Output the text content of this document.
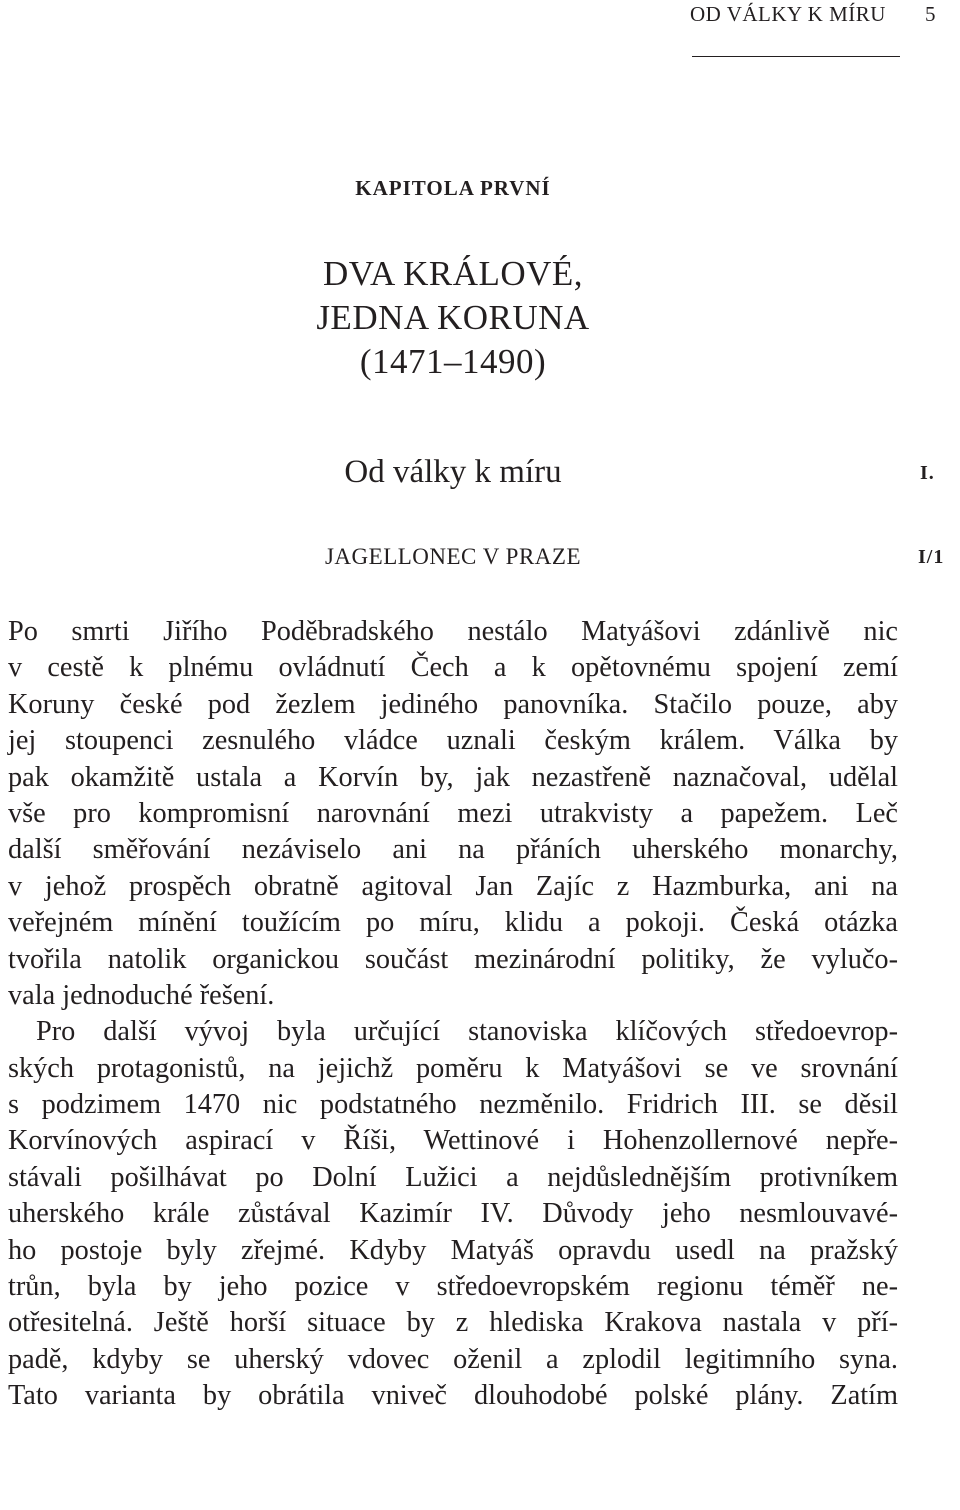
OD VÁLKY K MÍRU 5
KAPITOLA PRVNÍ
DVA KRÁLOVÉ,
JEDNA KORUNA
(1471–1490)
Od války k míru	I.
JAGELLONEC V PRAZE	I/1
Po smrti Jiřího Poděbradského nestálo Matyášovi zdánlivě nic
v cestě k plnému ovládnutí Čech a k opětovnému spojení zemí
Koruny české pod žezlem jediného panovníka. Stačilo pouze, aby
jej stoupenci zesnulého vládce uznali českým králem. Válka by
pak okamžitě ustala a Korvín by, jak nezastřeně naznačoval, udělal
vše pro kompromisní narovnání mezi utrakvisty a papežem. Leč
další směřování nezáviselo ani na přáních uherského monarchy,
v jehož prospěch obratně agitoval Jan Zajíc z Hazmburka, ani na
veřejném mínění toužícím po míru, klidu a pokoji. Česká otázka
tvořila natolik organickou součást mezinárodní politiky, že vylučo-
vala jednoduché řešení.
Pro další vývoj byla určující stanoviska klíčových středoevrop-
ských protagonistů, na jejichž poměru k Matyášovi se ve srovnání
s podzimem 1470 nic podstatného nezměnilo. Fridrich III. se děsil
Korvínových aspirací v Říši, Wettinové i Hohenzollernové nepře-
stávali pošilhávat po Dolní Lužici a nejdůslednějším protivníkem
uherského krále zůstával Kazimír IV. Důvody jeho nesmlouvavé-
ho postoje byly zřejmé. Kdyby Matyáš opravdu usedl na pražský
trůn, byla by jeho pozice v středoevropském regionu téměř ne-
otřesitelná. Ještě horší situace by z hlediska Krakova nastala v pří-
padě, kdyby se uherský vdovec oženil a zplodil legitimního syna.
Tato varianta by obrátila vniveč dlouhodobé polské plány. Zatím
